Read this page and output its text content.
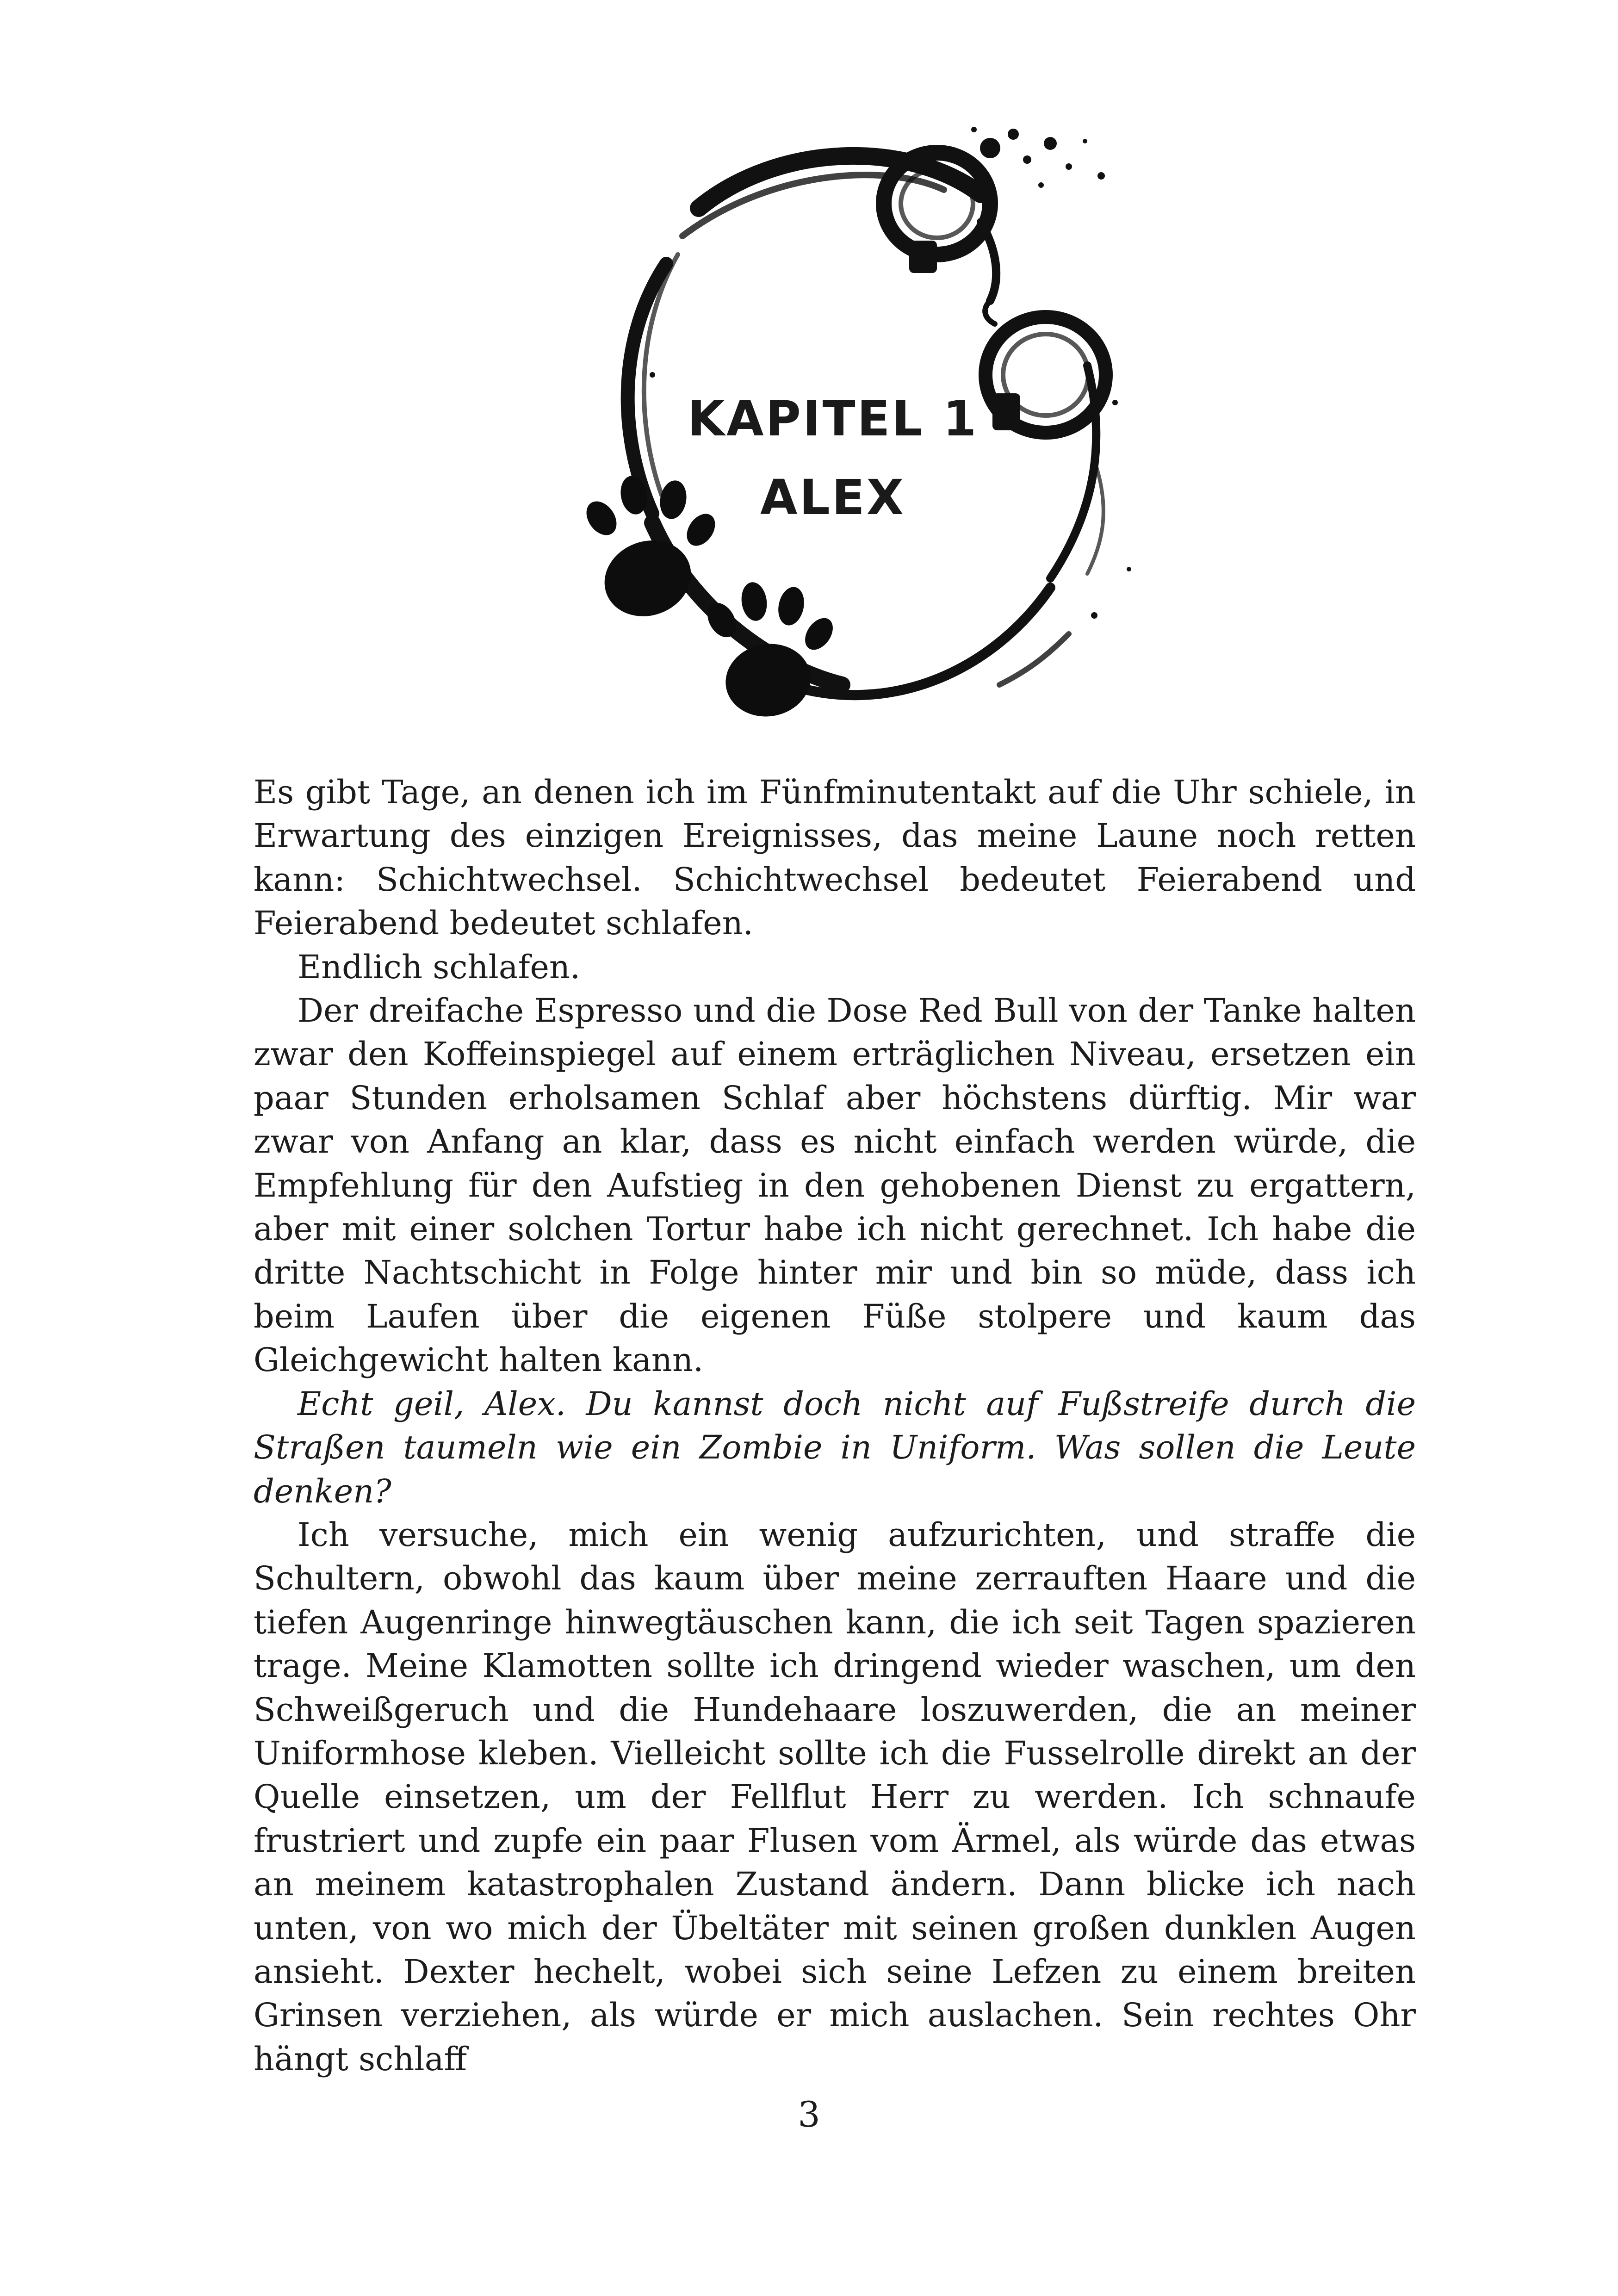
KAPITEL 1
ALEX

Es gibt Tage, an denen ich im Fünfminutentakt auf die Uhr schiele, in Erwartung des einzigen Ereignisses, das meine Laune noch retten kann: Schichtwechsel. Schichtwechsel bedeutet Feierabend und Feierabend bedeutet schlafen.

Endlich schlafen.

Der dreifache Espresso und die Dose Red Bull von der Tanke halten zwar den Koffeinspiegel auf einem erträglichen Niveau, ersetzen ein paar Stunden erholsamen Schlaf aber höchstens dürftig. Mir war zwar von Anfang an klar, dass es nicht einfach werden würde, die Empfehlung für den Aufstieg in den gehobenen Dienst zu ergattern, aber mit einer solchen Tortur habe ich nicht gerechnet. Ich habe die dritte Nachtschicht in Folge hinter mir und bin so müde, dass ich beim Laufen über die eigenen Füße stolpere und kaum das Gleichgewicht halten kann.

Echt geil, Alex. Du kannst doch nicht auf Fußstreife durch die Straßen taumeln wie ein Zombie in Uniform. Was sollen die Leute denken?

Ich versuche, mich ein wenig aufzurichten, und straffe die Schultern, obwohl das kaum über meine zerrauften Haare und die tiefen Augenringe hinwegtäuschen kann, die ich seit Tagen spazieren trage. Meine Klamotten sollte ich dringend wieder waschen, um den Schweißgeruch und die Hundehaare loszuwerden, die an meiner Uniformhose kleben. Vielleicht sollte ich die Fusselrolle direkt an der Quelle einsetzen, um der Fellflut Herr zu werden. Ich schnaufe frustriert und zupfe ein paar Flusen vom Ärmel, als würde das etwas an meinem katastrophalen Zustand ändern. Dann blicke ich nach unten, von wo mich der Übeltäter mit seinen großen dunklen Augen ansieht. Dexter hechelt, wobei sich seine Lefzen zu einem breiten Grinsen verziehen, als würde er mich auslachen. Sein rechtes Ohr hängt schlaff

3
